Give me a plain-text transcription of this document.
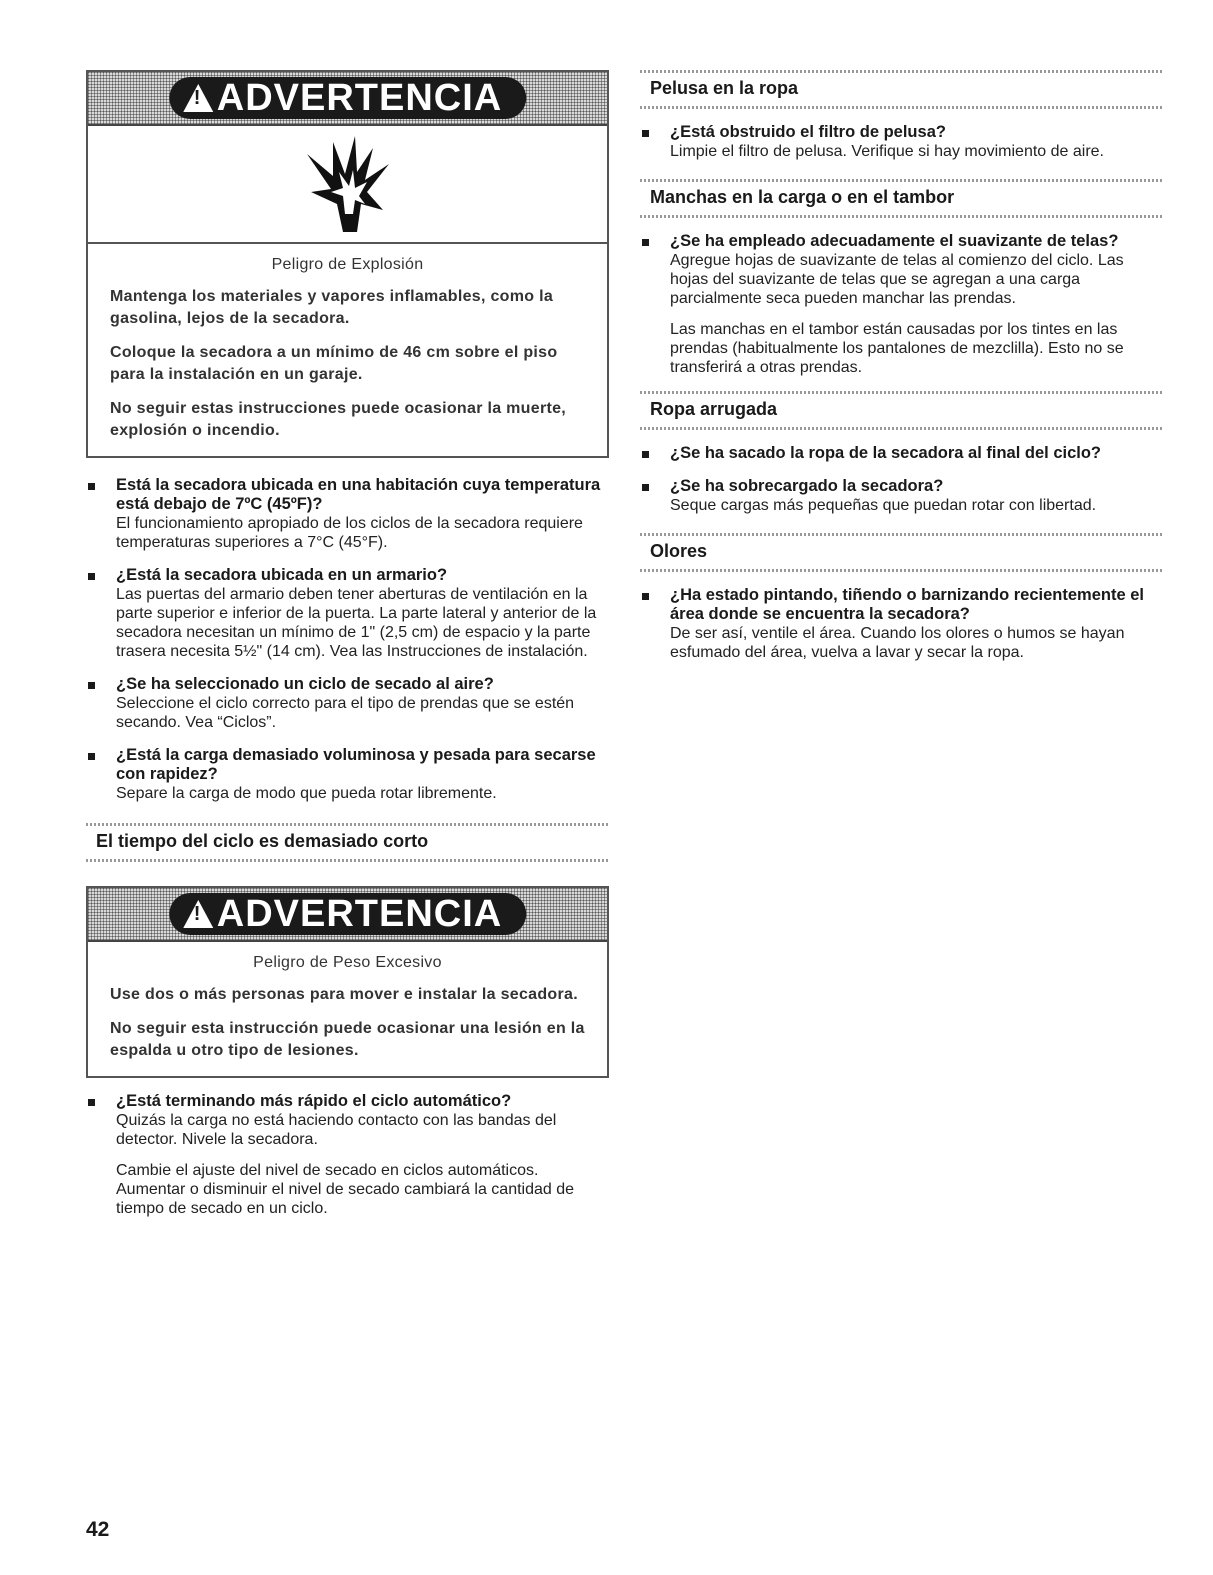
!
ADVERTENCIA

Peligro de Explosión

Mantenga los materiales y vapores inflamables, como la gasolina, lejos de la secadora.

Coloque la secadora a un mínimo de 46 cm sobre el piso para la instalación en un garaje.

No seguir estas instrucciones puede ocasionar la muerte, explosión o incendio.

Está la secadora ubicada en una habitación cuya temperatura está debajo de 7ºC (45ºF)?

El funcionamiento apropiado de los ciclos de la secadora requiere temperaturas superiores a 7°C (45°F).

¿Está la secadora ubicada en un armario?

Las puertas del armario deben tener aberturas de ventilación en la parte superior e inferior de la puerta. La parte lateral y anterior de la secadora necesitan un mínimo de 1" (2,5 cm) de espacio y la parte trasera necesita 5½" (14 cm). Vea las Instrucciones de instalación.

¿Se ha seleccionado un ciclo de secado al aire?

Seleccione el ciclo correcto para el tipo de prendas que se estén secando. Vea “Ciclos”.

¿Está la carga demasiado voluminosa y pesada para secarse con rapidez?

Separe la carga de modo que pueda rotar libremente.

El tiempo del ciclo es demasiado corto
!
ADVERTENCIA

Peligro de Peso Excesivo

Use dos o más personas para mover e instalar la secadora.

No seguir esta instrucción puede ocasionar una lesión en la espalda u otro tipo de lesiones.

¿Está terminando más rápido el ciclo automático?

Quizás la carga no está haciendo contacto con las bandas del detector. Nivele la secadora.

Cambie el ajuste del nivel de secado en ciclos automáticos. Aumentar o disminuir el nivel de secado cambiará la cantidad de tiempo de secado en un ciclo.

Pelusa en la ropa

¿Está obstruido el filtro de pelusa?

Limpie el filtro de pelusa. Verifique si hay movimiento de aire.

Manchas en la carga o en el tambor

¿Se ha empleado adecuadamente el suavizante de telas?

Agregue hojas de suavizante de telas al comienzo del ciclo. Las hojas del suavizante de telas que se agregan a una carga parcialmente seca pueden manchar las prendas.

Las manchas en el tambor están causadas por los tintes en las prendas (habitualmente los pantalones de mezclilla). Esto no se transferirá a otras prendas.

Ropa arrugada

¿Se ha sacado la ropa de la secadora al final del ciclo?

¿Se ha sobrecargado la secadora?

Seque cargas más pequeñas que puedan rotar con libertad.

Olores

¿Ha estado pintando, tiñendo o barnizando recientemente el área donde se encuentra la secadora?

De ser así, ventile el área. Cuando los olores o humos se hayan esfumado del área, vuelva a lavar y secar la ropa.

42
